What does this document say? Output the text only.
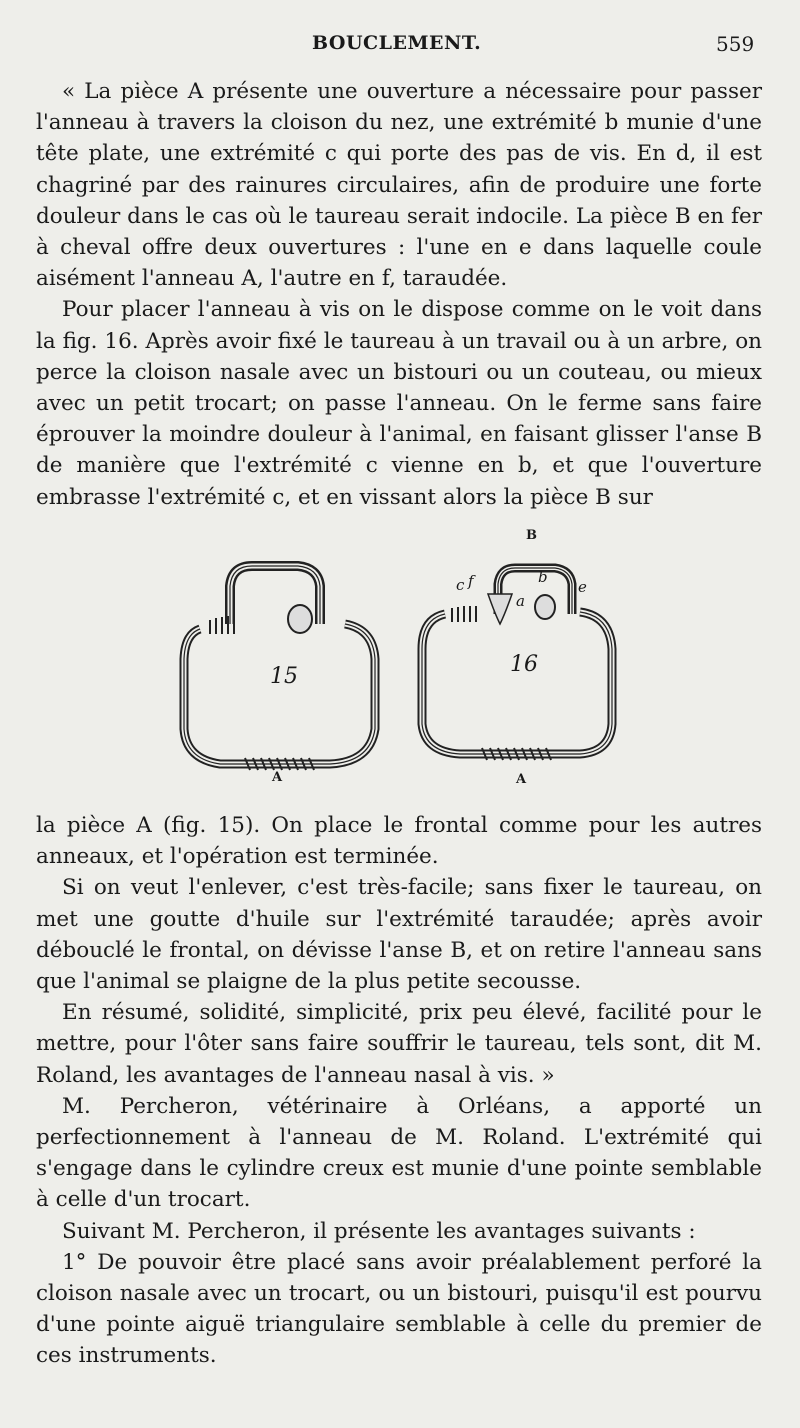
BOUCLEMENT.	559

« La pièce A présente une ouverture a nécessaire pour passer l'anneau à travers la cloison du nez, une extrémité b munie d'une tête plate, une extrémité c qui porte des pas de vis. En d, il est chagriné par des rainures circulaires, afin de produire une forte douleur dans le cas où le taureau serait indocile. La pièce B en fer à cheval offre deux ouvertures : l'une en e dans laquelle coule aisément l'anneau A, l'autre en f, taraudée.

Pour placer l'anneau à vis on le dispose comme on le voit dans la fig. 16. Après avoir fixé le taureau à un travail ou à un arbre, on perce la cloison nasale avec un bistouri ou un couteau, ou mieux avec un petit trocart; on passe l'anneau. On le ferme sans faire éprouver la moindre douleur à l'animal, en faisant glisser l'anse B de manière que l'extrémité c vienne en b, et que l'ouverture embrasse l'extrémité c, et en vissant alors la pièce B sur

15
A
16
B
A
c f	b
a
e

la pièce A (fig. 15). On place le frontal comme pour les autres anneaux, et l'opération est terminée.

Si on veut l'enlever, c'est très-facile; sans fixer le taureau, on met une goutte d'huile sur l'extrémité taraudée; après avoir débouclé le frontal, on dévisse l'anse B, et on retire l'anneau sans que l'animal se plaigne de la plus petite secousse.

En résumé, solidité, simplicité, prix peu élevé, facilité pour le mettre, pour l'ôter sans faire souffrir le taureau, tels sont, dit M. Roland, les avantages de l'anneau nasal à vis. »

M. Percheron, vétérinaire à Orléans, a apporté un perfectionnement à l'anneau de M. Roland. L'extrémité qui s'engage dans le cylindre creux est munie d'une pointe semblable à celle d'un trocart.

Suivant M. Percheron, il présente les avantages suivants :

1° De pouvoir être placé sans avoir préalablement perforé la cloison nasale avec un trocart, ou un bistouri, puisqu'il est pourvu d'une pointe aiguë triangulaire semblable à celle du premier de ces instruments.
